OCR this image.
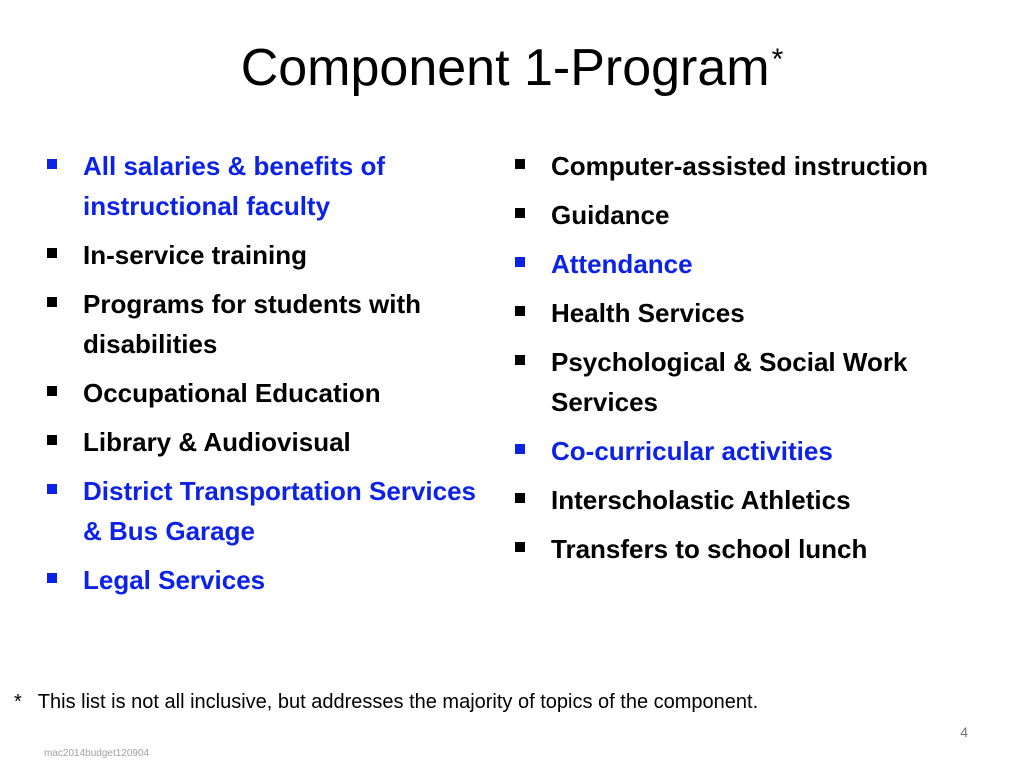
Component 1-Program*
All salaries & benefits of instructional faculty
In-service training
Programs for students with disabilities
Occupational Education
Library & Audiovisual
District Transportation Services & Bus Garage
Legal Services
Computer-assisted instruction
Guidance
Attendance
Health Services
Psychological & Social Work Services
Co-curricular activities
Interscholastic Athletics
Transfers to school lunch
* This list is not all inclusive, but addresses the majority of topics of the component.
4
mac2014budget120904
